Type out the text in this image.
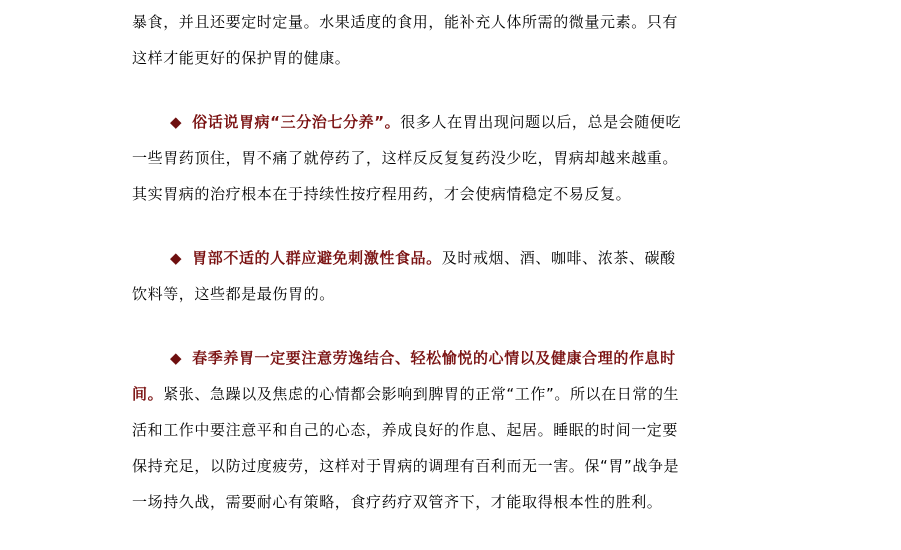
暴食，并且还要定时定量。水果适度的食用，能补充人体所需的微量元素。只有
这样才能更好的保护胃的健康。
◆ 俗话说胃病“三分治七分养”。很多人在胃出现问题以后，总是会随便吃
一些胃药顶住，胃不痛了就停药了，这样反反复复药没少吃，胃病却越来越重。
其实胃病的治疗根本在于持续性按疗程用药，才会使病情稳定不易反复。
◆ 胃部不适的人群应避免刺激性食品。及时戒烟、酒、咖啡、浓茶、碳酸
饮料等，这些都是最伤胃的。
◆ 春季养胃一定要注意劳逸结合、轻松愉悦的心情以及健康合理的作息时
间。紧张、急躁以及焦虑的心情都会影响到脾胃的正常“工作”。所以在日常的生
活和工作中要注意平和自己的心态，养成良好的作息、起居。睡眠的时间一定要
保持充足，以防过度疲劳，这样对于胃病的调理有百利而无一害。保“胃”战争是
一场持久战，需要耐心有策略，食疗药疗双管齐下，才能取得根本性的胜利。
